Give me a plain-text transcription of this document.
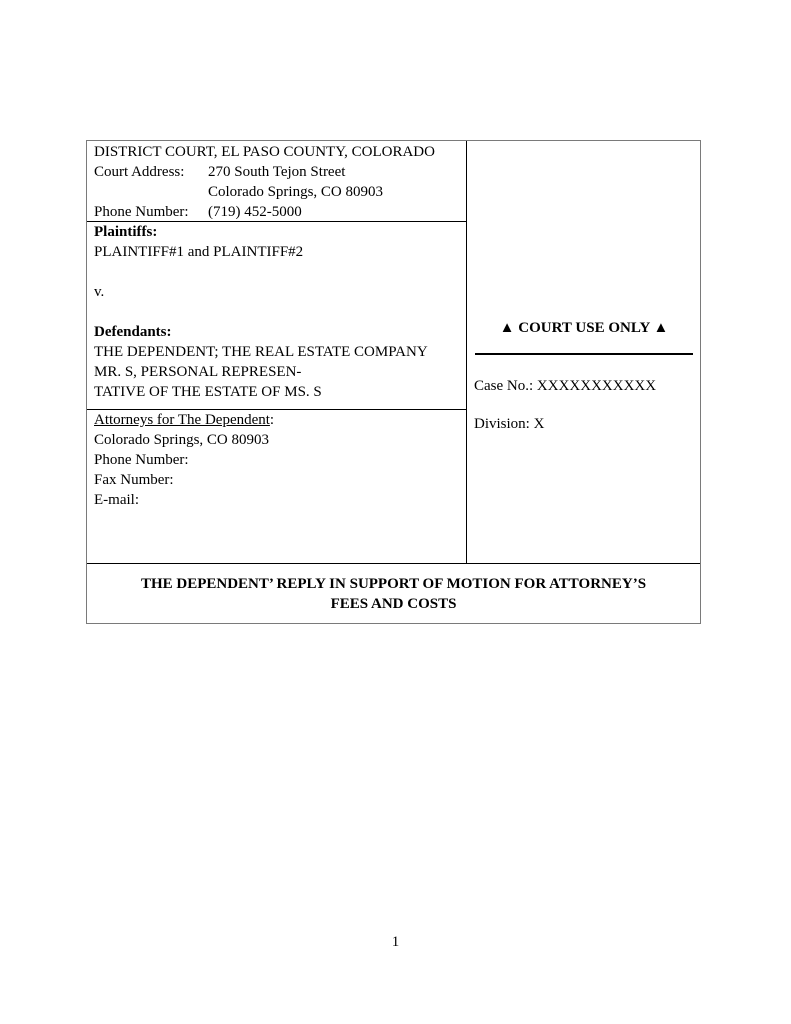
DISTRICT COURT, EL PASO COUNTY, COLORADO
Court Address: 270 South Tejon Street
Colorado Springs, CO 80903
Phone Number: (719) 452-5000
Plaintiffs:
PLAINTIFF#1 and PLAINTIFF#2
v.
Defendants:
THE DEPENDENT; THE REAL ESTATE COMPANY
MR. S, PERSONAL REPRESEN-
TATIVE OF THE ESTATE OF MS. S
Attorneys for The Dependent:
Colorado Springs, CO 80903
Phone Number:
Fax Number:
E-mail:
▲ COURT USE ONLY ▲
Case No.: XXXXXXXXXXX
Division: X
THE DEPENDENT’ REPLY IN SUPPORT OF MOTION FOR ATTORNEY’S
FEES AND COSTS
1
